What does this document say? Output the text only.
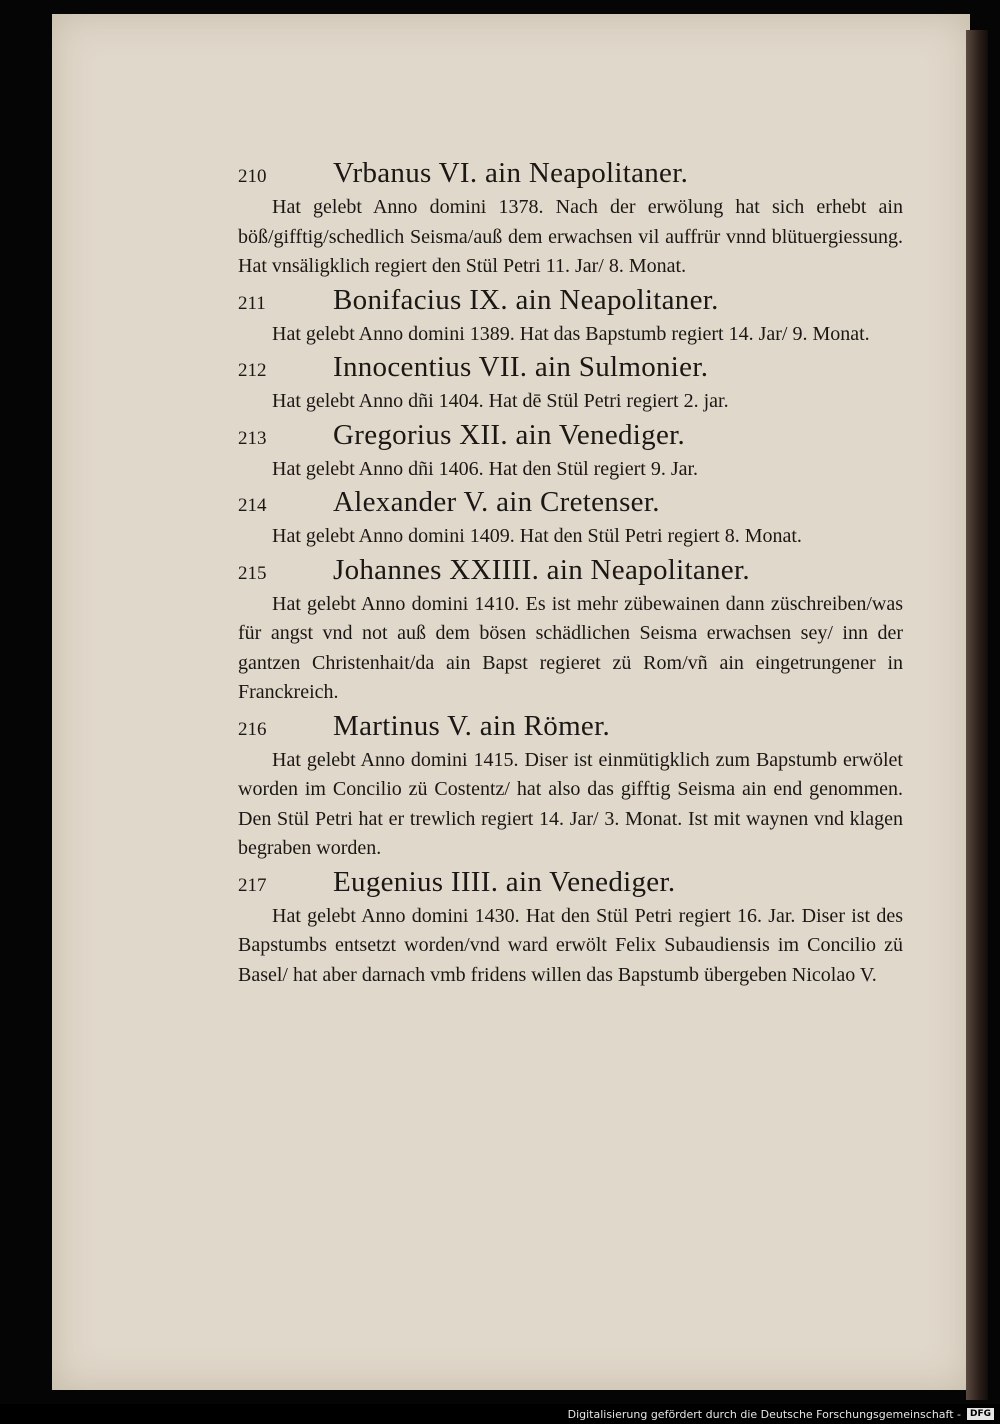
210	Vrbanus VI. ain Neapolitaner.

Hat gelebt Anno domini 1378. Nach der erwölung hat sich erhebt ain böß/gifftig/schedlich Seisma/auß dem erwachsen vil auffrür vnnd blütuergiessung. Hat vnsäligklich regiert den Stül Petri 11. Jar/ 8. Monat.

211	Bonifacius IX. ain Neapolitaner.

Hat gelebt Anno domini 1389. Hat das Bapstumb regiert 14. Jar/ 9. Monat.

212	Innocentius VII. ain Sulmonier.

Hat gelebt Anno dñi 1404. Hat dē Stül Petri regiert 2. jar.

213	Gregorius XII. ain Venediger.

Hat gelebt Anno dñi 1406. Hat den Stül regiert 9. Jar.

214	Alexander V. ain Cretenser.

Hat gelebt Anno domini 1409. Hat den Stül Petri regiert 8. Monat.

215	Johannes XXIIII. ain Neapolitaner.

Hat gelebt Anno domini 1410. Es ist mehr zübewainen dann züschreiben/was für angst vnd not auß dem bösen schädlichen Seisma erwachsen sey/ inn der gantzen Christenhait/da ain Bapst regieret zü Rom/vñ ain eingetrungener in Franckreich.

216	Martinus V. ain Römer.

Hat gelebt Anno domini 1415. Diser ist einmütigklich zum Bapstumb erwölet worden im Concilio zü Costentz/ hat also das gifftig Seisma ain end genommen. Den Stül Petri hat er trewlich regiert 14. Jar/ 3. Monat. Ist mit waynen vnd klagen begraben worden.

217	Eugenius IIII. ain Venediger.

Hat gelebt Anno domini 1430. Hat den Stül Petri regiert 16. Jar. Diser ist des Bapstumbs entsetzt worden/vnd ward erwölt Felix Subaudiensis im Concilio zü Basel/ hat aber darnach vmb fridens willen das Bapstumb übergeben Nicolao V.

Digitalisierung gefördert durch die Deutsche Forschungsgemeinschaft -	DFG
